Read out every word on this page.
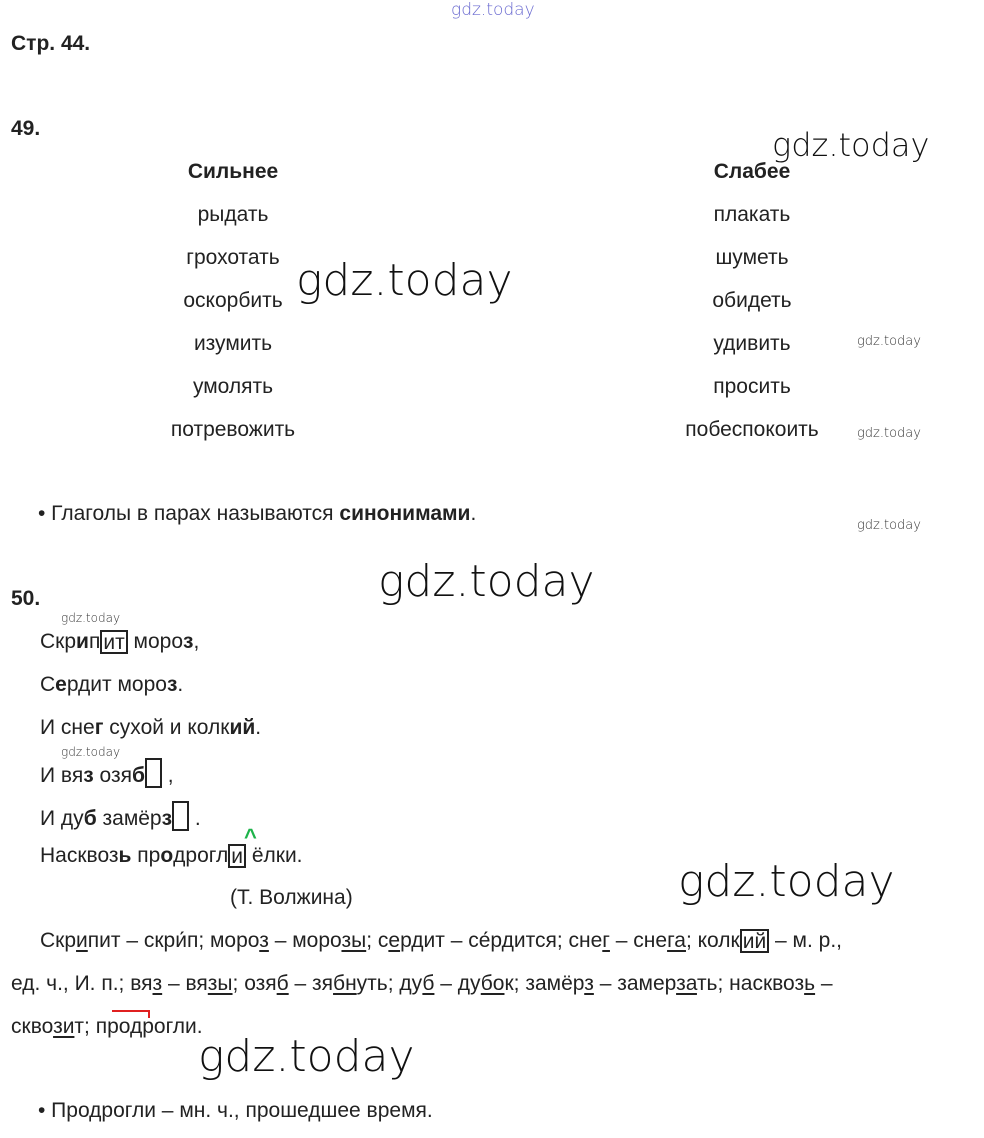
gdz.today
gdz.today
gdz.today
gdz.today
gdz.today
gdz.today
gdz.today
gdz.today
gdz.today
gdz.today
gdz.today
Стр. 44.
49.
Сильнее
рыдать
грохотать
оскорбить
изумить
умолять
потревожить
Слабее
плакать
шуметь
обидеть
удивить
просить
побеспокоить
• Глаголы в парах называются синонимами.
50.
Скрип ит мороз,
Сердит мороз.
И снег сухой и колкий.
И вяз озяб ,
И дуб замёрз .
Насквозь продрогл и ёлки.
^
(Т. Волжина)
Скрипит – скри́п; мороз – морозы; сердит – се́рдится; снег – снега; колк ий – м. р.,
ед. ч., И. п.; вяз – вязы; озяб – зябнуть; дуб – дубок; замёрз – замерзать; насквозь –
сквозит; продрогли.
• Продрогли – мн. ч., прошедшее время.
